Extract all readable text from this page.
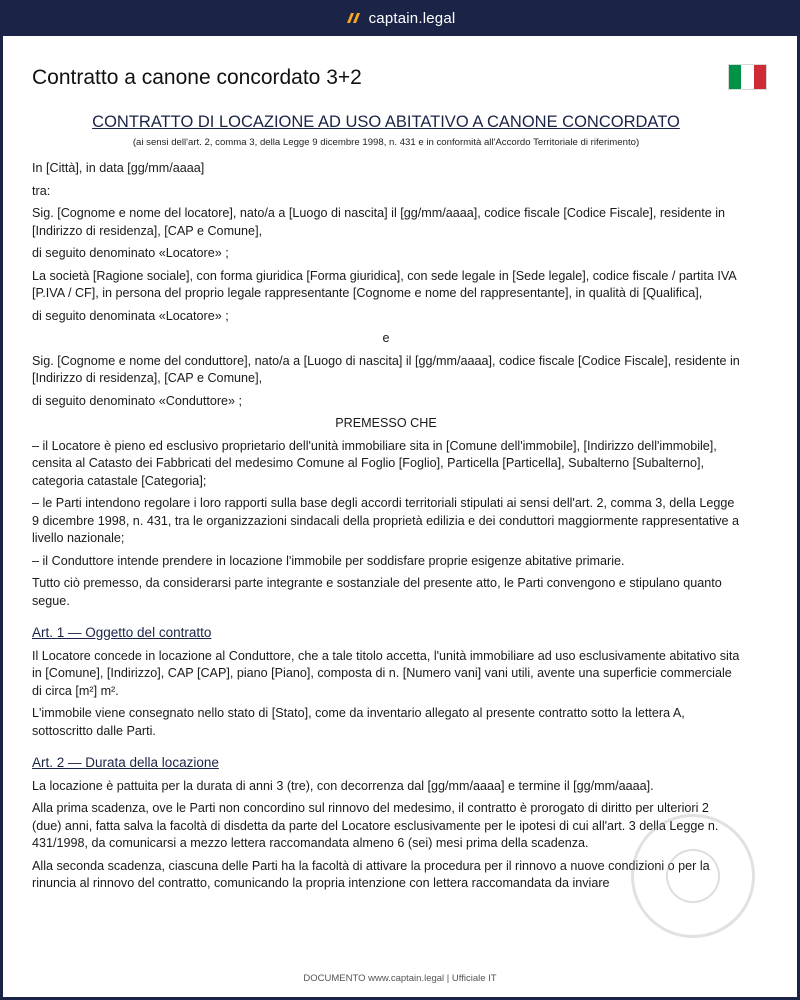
captain.legal
Contratto a canone concordato 3+2
CONTRATTO DI LOCAZIONE AD USO ABITATIVO A CANONE CONCORDATO
(ai sensi dell'art. 2, comma 3, della Legge 9 dicembre 1998, n. 431 e in conformità all'Accordo Territoriale di riferimento)

In [Città], in data [gg/mm/aaaa]

tra:

Sig. [Cognome e nome del locatore], nato/a a [Luogo di nascita] il [gg/mm/aaaa], codice fiscale [Codice Fiscale], residente in [Indirizzo di residenza], [CAP e Comune],

di seguito denominato «Locatore» ;

La società [Ragione sociale], con forma giuridica [Forma giuridica], con sede legale in [Sede legale], codice fiscale / partita IVA [P.IVA / CF], in persona del proprio legale rappresentante [Cognome e nome del rappresentante], in qualità di [Qualifica],

di seguito denominata «Locatore» ;

e

Sig. [Cognome e nome del conduttore], nato/a a [Luogo di nascita] il [gg/mm/aaaa], codice fiscale [Codice Fiscale], residente in [Indirizzo di residenza], [CAP e Comune],

di seguito denominato «Conduttore» ;

PREMESSO CHE

– il Locatore è pieno ed esclusivo proprietario dell'unità immobiliare sita in [Comune dell'immobile], [Indirizzo dell'immobile], censita al Catasto dei Fabbricati del medesimo Comune al Foglio [Foglio], Particella [Particella], Subalterno [Subalterno], categoria catastale [Categoria];

– le Parti intendono regolare i loro rapporti sulla base degli accordi territoriali stipulati ai sensi dell'art. 2, comma 3, della Legge 9 dicembre 1998, n. 431, tra le organizzazioni sindacali della proprietà edilizia e dei conduttori maggiormente rappresentative a livello nazionale;

– il Conduttore intende prendere in locazione l'immobile per soddisfare proprie esigenze abitative primarie.

Tutto ciò premesso, da considerarsi parte integrante e sostanziale del presente atto, le Parti convengono e stipulano quanto segue.

Art. 1 — Oggetto del contratto

Il Locatore concede in locazione al Conduttore, che a tale titolo accetta, l'unità immobiliare ad uso esclusivamente abitativo sita in [Comune], [Indirizzo], CAP [CAP], piano [Piano], composta di n. [Numero vani] vani utili, avente una superficie commerciale di circa [m²] m².

L'immobile viene consegnato nello stato di [Stato], come da inventario allegato al presente contratto sotto la lettera A, sottoscritto dalle Parti.

Art. 2 — Durata della locazione

La locazione è pattuita per la durata di anni 3 (tre), con decorrenza dal [gg/mm/aaaa] e termine il [gg/mm/aaaa].

Alla prima scadenza, ove le Parti non concordino sul rinnovo del medesimo, il contratto è prorogato di diritto per ulteriori 2 (due) anni, fatta salva la facoltà di disdetta da parte del Locatore esclusivamente per le ipotesi di cui all'art. 3 della Legge n. 431/1998, da comunicarsi a mezzo lettera raccomandata almeno 6 (sei) mesi prima della scadenza.

Alla seconda scadenza, ciascuna delle Parti ha la facoltà di attivare la procedura per il rinnovo a nuove condizioni o per la rinuncia al rinnovo del contratto, comunicando la propria intenzione con lettera raccomandata da inviare

DOCUMENTO www.captain.legal | Ufficiale IT
